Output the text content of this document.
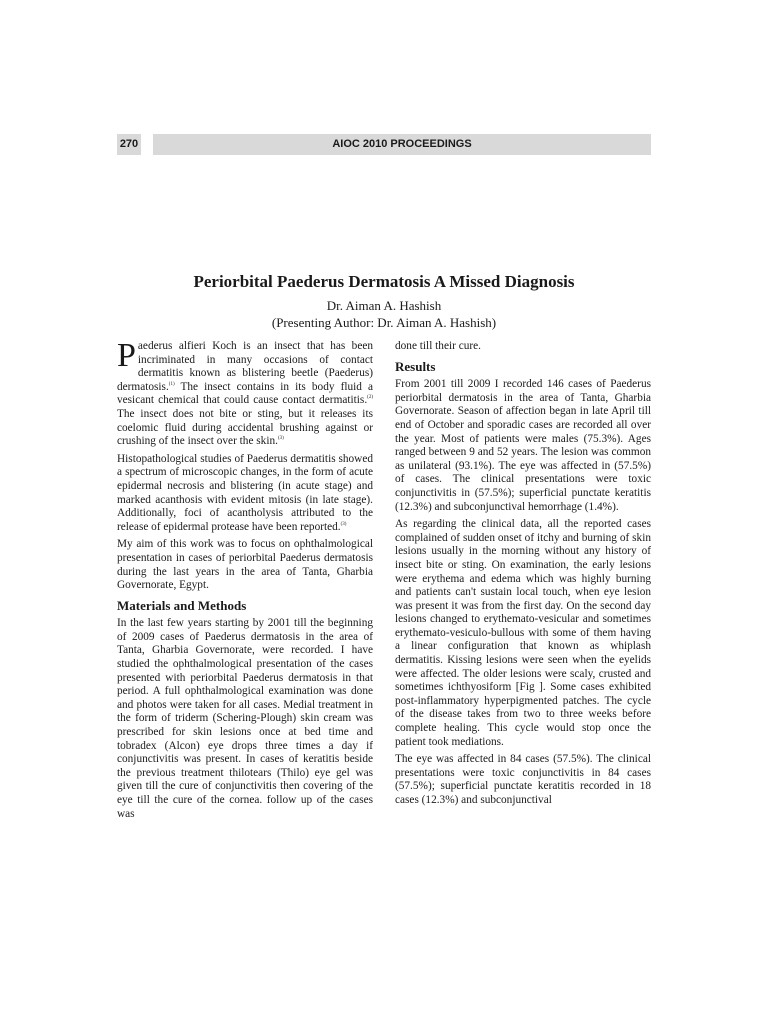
270	AIOC 2010 PROCEEDINGS
Periorbital Paederus Dermatosis A Missed Diagnosis
Dr. Aiman A. Hashish
(Presenting Author: Dr. Aiman A. Hashish)

Paederus alfieri Koch is an insect that has been incriminated in many occasions of contact dermatitis known as blistering beetle (Paederus) dermatosis.$^{(1)}$ The insect contains in its body fluid a vesicant chemical that could cause contact dermatitis.$^{(2)}$ The insect does not bite or sting, but it releases its coelomic fluid during accidental brushing against or crushing of the insect over the skin.$^{(3)}$

Histopathological studies of Paederus dermatitis showed a spectrum of microscopic changes, in the form of acute epidermal necrosis and blistering (in acute stage) and marked acanthosis with evident mitosis (in late stage). Additionally, foci of acantholysis attributed to the release of epidermal protease have been reported.$^{(3)}$

My aim of this work was to focus on ophthalmological presentation in cases of periorbital Paederus dermatosis during the last years in the area of Tanta, Gharbia Governorate, Egypt.

Materials and Methods

In the last few years starting by 2001 till the beginning of 2009 cases of Paederus dermatosis in the area of Tanta, Gharbia Governorate, were recorded. I have studied the ophthalmological presentation of the cases presented with periorbital Paederus dermatosis in that period. A full ophthalmological examination was done and photos were taken for all cases. Medial treatment in the form of triderm (Schering-Plough) skin cream was prescribed for skin lesions once at bed time and tobradex (Alcon) eye drops three times a day if conjunctivitis was present. In cases of keratitis beside the previous treatment thilotears (Thilo) eye gel was given till the cure of conjunctivitis then covering of the eye till the cure of the cornea. follow up of the cases was

done till their cure.

Results

From 2001 till 2009 I recorded 146 cases of Paederus periorbital dermatosis in the area of Tanta, Gharbia Governorate. Season of affection began in late April till end of October and sporadic cases are recorded all over the year. Most of patients were males (75.3%). Ages ranged between 9 and 52 years. The lesion was common as unilateral (93.1%). The eye was affected in (57.5%) of cases. The clinical presentations were toxic conjunctivitis in (57.5%); superficial punctate keratitis (12.3%) and subconjunctival hemorrhage (1.4%).

As regarding the clinical data, all the reported cases complained of sudden onset of itchy and burning of skin lesions usually in the morning without any history of insect bite or sting. On examination, the early lesions were erythema and edema which was highly burning and patients can't sustain local touch, when eye lesion was present it was from the first day. On the second day lesions changed to erythemato-vesicular and sometimes erythemato-vesiculo-bullous with some of them having a linear configuration that known as whiplash dermatitis. Kissing lesions were seen when the eyelids were affected. The older lesions were scaly, crusted and sometimes ichthyosiform [Fig ]. Some cases exhibited post-inflammatory hyperpigmented patches. The cycle of the disease takes from two to three weeks before complete healing. This cycle would stop once the patient took mediations.

The eye was affected in 84 cases (57.5%). The clinical presentations were toxic conjunctivitis in 84 cases (57.5%); superficial punctate keratitis recorded in 18 cases (12.3%) and subconjunctival
